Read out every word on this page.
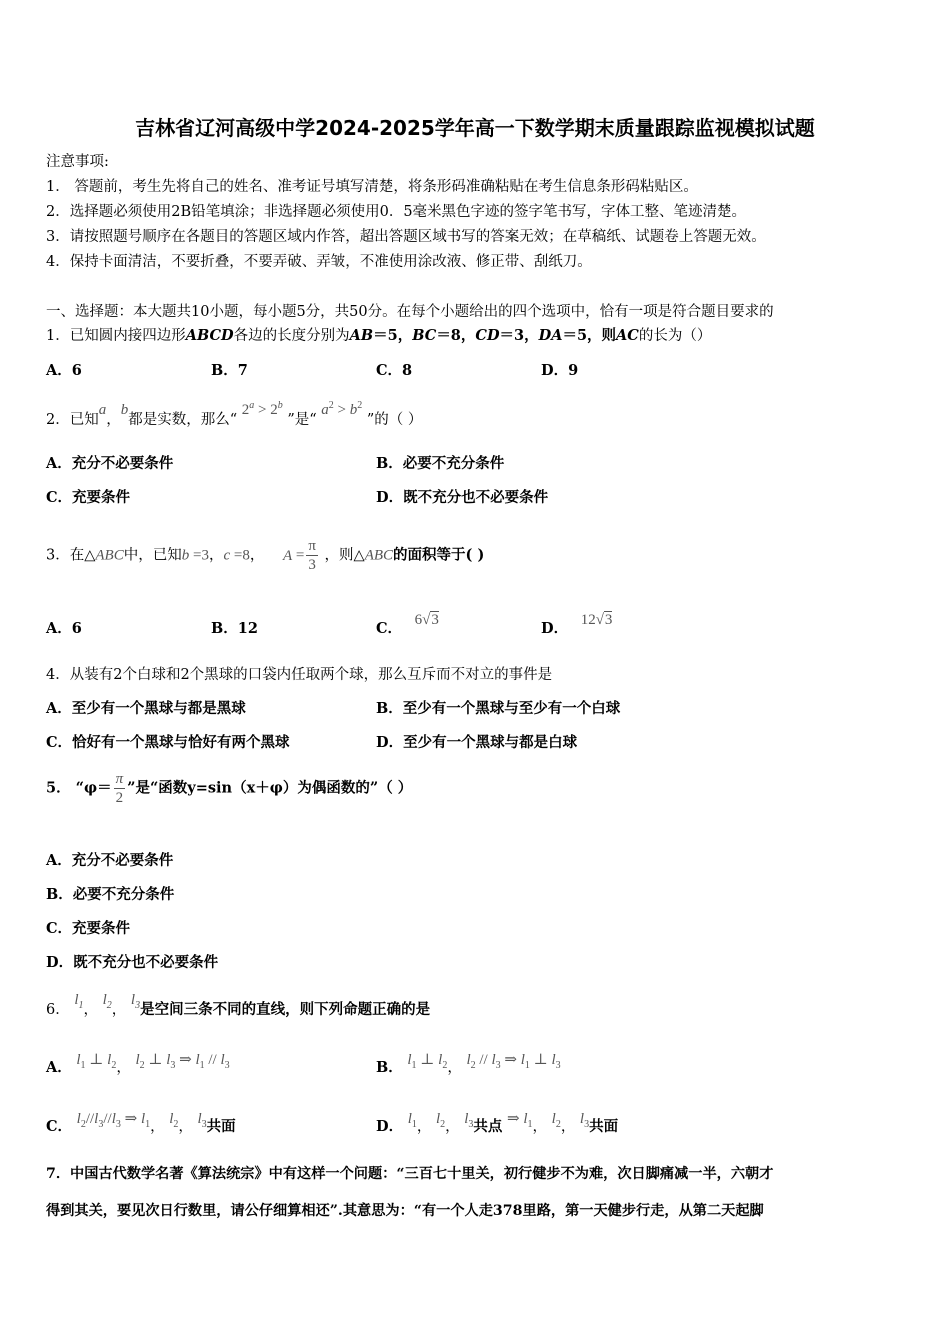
吉林省辽河高级中学2024-2025学年高一下数学期末质量跟踪监视模拟试题
注意事项:
1． 答题前，考生先将自己的姓名、准考证号填写清楚，将条形码准确粘贴在考生信息条形码粘贴区。
2．选择题必须使用2B铅笔填涂；非选择题必须使用0．5毫米黑色字迹的签字笔书写，字体工整、笔迹清楚。
3．请按照题号顺序在各题目的答题区域内作答，超出答题区域书写的答案无效；在草稿纸、试题卷上答题无效。
4．保持卡面清洁，不要折叠，不要弄破、弄皱，不准使用涂改液、修正带、刮纸刀。
一、选择题：本大题共10小题，每小题5分，共50分。在每个小题给出的四个选项中，恰有一项是符合题目要求的
1．已知圆内接四边形ABCD各边的长度分别为AB＝5，BC＝8，CD＝3，DA＝5，则AC的长为（）
A．6	B．7	C．8	D．9
2．已知a，b都是实数，那么“ $2^a > 2^b$ ”是“ $a^2 > b^2$ ”的（ ）
A．充分不必要条件	B．必要不充分条件
C．充要条件	D．既不充分也不必要条件
3．在△ABC中，已知b =3，c =8， $A = \frac{\pi}{3}$ ，则△ABC的面积等于( )
A．6	B．12	C． 6√3	D． 12√3
4．从装有2个白球和2个黑球的口袋内任取两个球，那么互斥而不对立的事件是
A．至少有一个黑球与都是黑球	B．至少有一个黑球与至少有一个白球
C．恰好有一个黑球与恰好有两个黑球	D．至少有一个黑球与都是白球
5． “$\varphi= \frac{\pi}{2}$ ”是“函数y=sin（x＋φ）为偶函数的”（ ）
A．充分不必要条件
B．必要不充分条件
C．充要条件
D．既不充分也不必要条件
6． $l_1$， $l_2$， $l_3$是空间三条不同的直线，则下列命题正确的是
A． $l_1$ ⊥ $l_2$， $l_2$ ⊥ $l_3$ ⇒ $l_1 // l_3$	B． $l_1$ ⊥ $l_2$， $l_2 // l_3$ ⇒ $l_1$ ⊥ $l_3$
C． $l_2//l_3//l_3$ ⇒ $l_1$， $l_2$， $l_3$共面	D． $l_1$， $l_2$， $l_3$共点 ⇒ $l_1$， $l_2$， $l_3$共面
7．中国古代数学名著《算法统宗》中有这样一个问题：“三百七十里关，初行健步不为难，次日脚痛减一半，六朝才
得到其关，要见次日行数里，请公仔细算相还”.其意思为：“有一个人走378里路，第一天健步行走，从第二天起脚
